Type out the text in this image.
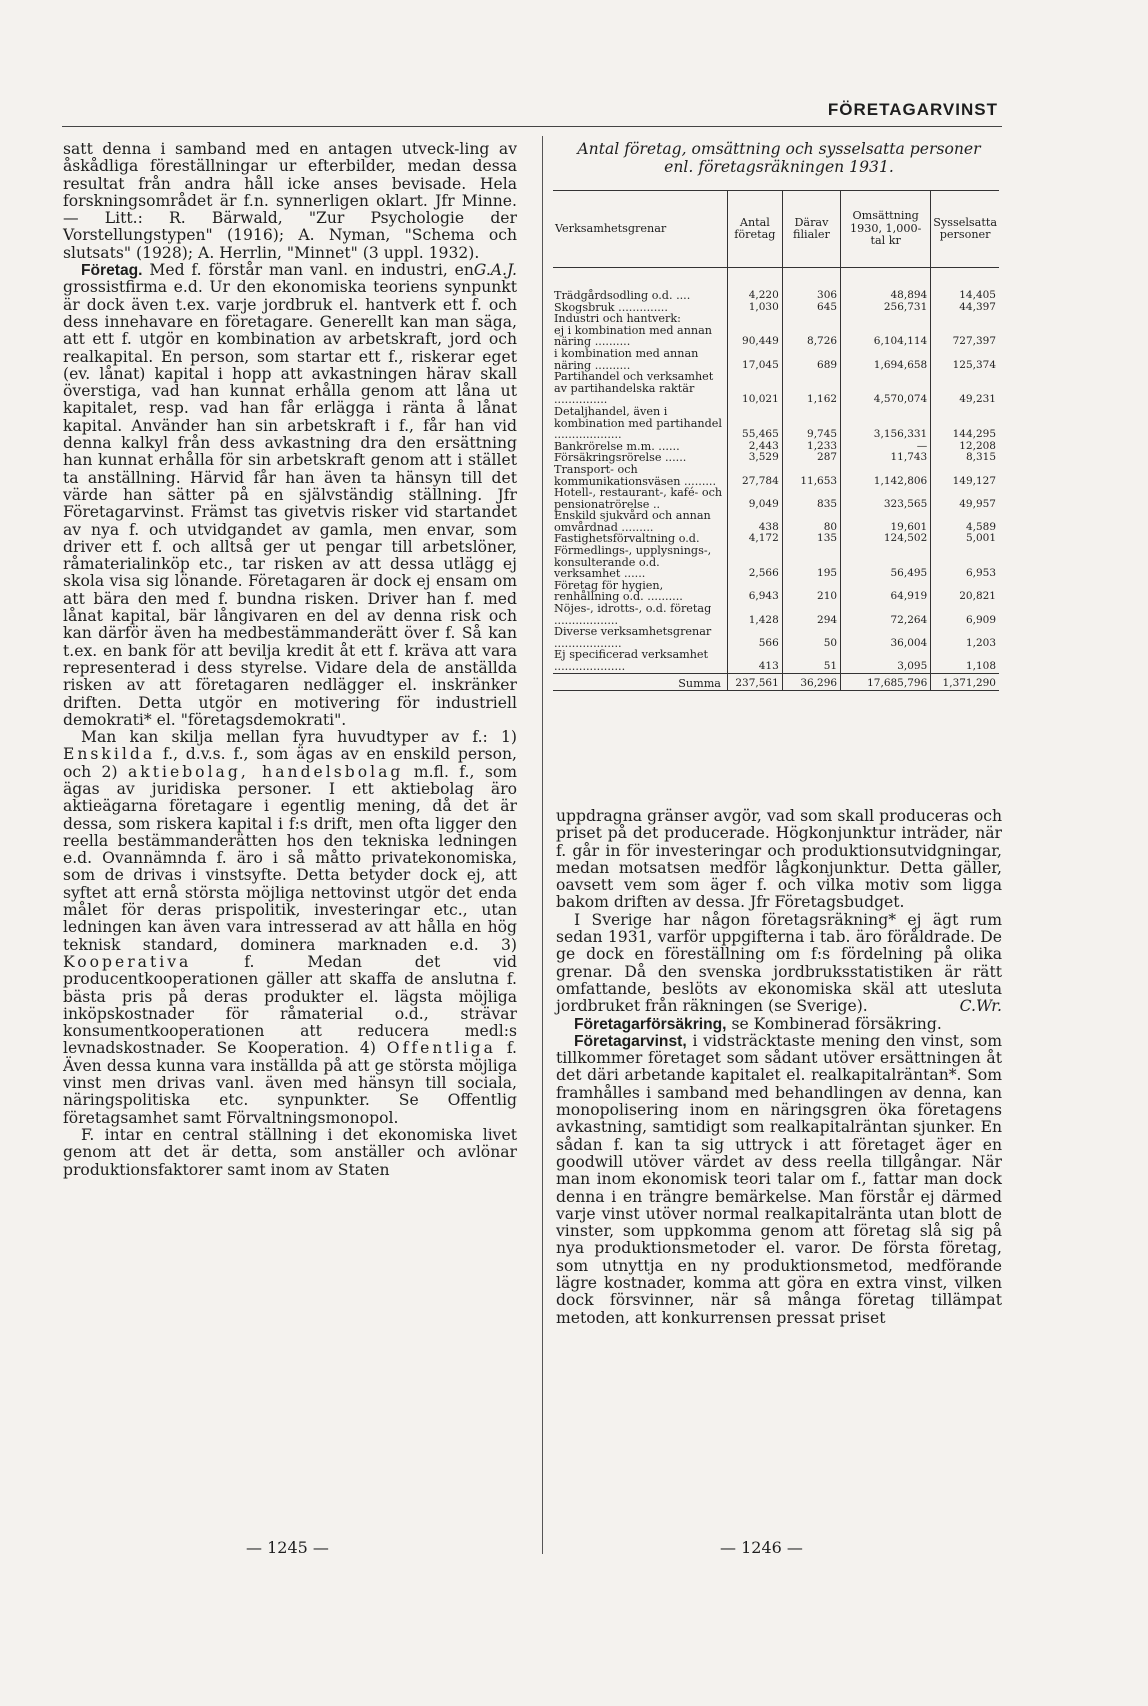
FÖRETAGARVINST

satt denna i samband med en antagen utveck-ling av åskådliga föreställningar ur efterbilder, medan dessa resultat från andra håll icke anses bevisade. Hela forskningsområdet är f.n. synnerligen oklart. Jfr Minne. — Litt.: R. Bärwald, "Zur Psychologie der Vorstellungstypen" (1916); A. Nyman, "Schema och slutsats" (1928); A. Herrlin, "Minnet" (3 uppl. 1932).
G.A.J.

Företag. Med f. förstår man vanl. en industri, en grossistfirma e.d. Ur den ekonomiska teoriens synpunkt är dock även t.ex. varje jordbruk el. hantverk ett f. och dess innehavare en företagare. Generellt kan man säga, att ett f. utgör en kombination av arbetskraft, jord och realkapital. En person, som startar ett f., riskerar eget (ev. lånat) kapital i hopp att avkastningen härav skall överstiga, vad han kunnat erhålla genom att låna ut kapitalet, resp. vad han får erlägga i ränta å lånat kapital. Använder han sin arbetskraft i f., får han vid denna kalkyl från dess avkastning dra den ersättning han kunnat erhålla för sin arbetskraft genom att i stället ta anställning. Härvid får han även ta hänsyn till det värde han sätter på en självständig ställning. Jfr Företagarvinst. Främst tas givetvis risker vid startandet av nya f. och utvidgandet av gamla, men envar, som driver ett f. och alltså ger ut pengar till arbetslöner, råmaterialinköp etc., tar risken av att dessa utlägg ej skola visa sig lönande. Företagaren är dock ej ensam om att bära den med f. bundna risken. Driver han f. med lånat kapital, bär långivaren en del av denna risk och kan därför även ha medbestämmanderätt över f. Så kan t.ex. en bank för att bevilja kredit åt ett f. kräva att vara representerad i dess styrelse. Vidare dela de anställda risken av att företagaren nedlägger el. inskränker driften. Detta utgör en motivering för industriell demokrati* el. "företagsdemokrati".

Man kan skilja mellan fyra huvudtyper av f.: 1) Enskilda f., d.v.s. f., som ägas av en enskild person, och 2) aktiebolag, handelsbolag m.fl. f., som ägas av juridiska personer. I ett aktiebolag äro aktieägarna företagare i egentlig mening, då det är dessa, som riskera kapital i f:s drift, men ofta ligger den reella bestämmanderätten hos den tekniska ledningen e.d. Ovannämnda f. äro i så måtto privatekonomiska, som de drivas i vinstsyfte. Detta betyder dock ej, att syftet att ernå största möjliga nettovinst utgör det enda målet för deras prispolitik, investeringar etc., utan ledningen kan även vara intresserad av att hålla en hög teknisk standard, dominera marknaden e.d. 3) Kooperativa f. Medan det vid producentkooperationen gäller att skaffa de anslutna f. bästa pris på deras produkter el. lägsta möjliga inköpskostnader för råmaterial o.d., strävar konsumentkooperationen att reducera medl:s levnadskostnader. Se Kooperation. 4) Offentliga f. Även dessa kunna vara inställda på att ge största möjliga vinst men drivas vanl. även med hänsyn till sociala, näringspolitiska etc. synpunkter. Se Offentlig företagsamhet samt Förvaltningsmonopol.

F. intar en central ställning i det ekonomiska livet genom att det är detta, som anställer och avlönar produktionsfaktorer samt inom av Staten

Antal företag, omsättning och sysselsatta personer
enl. företagsräkningen 1931.
Verksamhetsgrenar	Antal företag	Därav filialer	Omsättning 1930, 1,000-tal kr	Sysselsatta personer

Trädgårdsodling o.d. ....	4,220	306	48,894	14,405
Skogsbruk ..............	1,030	645	256,731	44,397
Industri och hantverk:				
ej i kombination med annan näring ..........	90,449	8,726	6,104,114	727,397
i kombination med annan näring ..........	17,045	689	1,694,658	125,374
Partihandel och verksamhet av partihandelska raktär ...............	10,021	1,162	4,570,074	49,231
Detaljhandel, även i kombination med partihandel ...................	55,465	9,745	3,156,331	144,295
Bankrörelse m.m. ......	2,443	1,233	—	12,208
Försäkringsrörelse ......	3,529	287	11,743	8,315
Transport- och kommunikationsväsen .........	27,784	11,653	1,142,806	149,127
Hotell-, restaurant-, kafé- och pensionatrörelse ..	9,049	835	323,565	49,957
Enskild sjukvård och annan omvårdnad .........	438	80	19,601	4,589
Fastighetsförvaltning o.d.	4,172	135	124,502	5,001
Förmedlings-, upplysnings-, konsulterande o.d. verksamhet ......	2,566	195	56,495	6,953
Företag för hygien, renhållning o.d. ..........	6,943	210	64,919	20,821
Nöjes-, idrotts-, o.d. företag ..................	1,428	294	72,264	6,909
Diverse verksamhetsgrenar ...................	566	50	36,004	1,203
Ej specificerad verksamhet ....................	413	51	3,095	1,108
Summa	237,561	36,296	17,685,796	1,371,290

uppdragna gränser avgör, vad som skall produceras och priset på det producerade. Högkonjunktur inträder, när f. går in för investeringar och produktionsutvidgningar, medan motsatsen medför lågkonjunktur. Detta gäller, oavsett vem som äger f. och vilka motiv som ligga bakom driften av dessa. Jfr Företagsbudget.

I Sverige har någon företagsräkning* ej ägt rum sedan 1931, varför uppgifterna i tab. äro föråldrade. De ge dock en föreställning om f:s fördelning på olika grenar. Då den svenska jordbruksstatistiken är rätt omfattande, beslöts av ekonomiska skäl att utesluta jordbruket från räkningen (se Sverige).	C.Wr.

Företagarförsäkring, se Kombinerad försäkring.

Företagarvinst, i vidsträcktaste mening den vinst, som tillkommer företaget som sådant utöver ersättningen åt det däri arbetande kapitalet el. realkapitalräntan*. Som framhålles i samband med behandlingen av denna, kan monopolisering inom en näringsgren öka företagens avkastning, samtidigt som realkapitalräntan sjunker. En sådan f. kan ta sig uttryck i att företaget äger en goodwill utöver värdet av dess reella tillgångar. När man inom ekonomisk teori talar om f., fattar man dock denna i en trängre bemärkelse. Man förstår ej därmed varje vinst utöver normal realkapitalränta utan blott de vinster, som uppkomma genom att företag slå sig på nya produktionsmetoder el. varor. De första företag, som utnyttja en ny produktionsmetod, medförande lägre kostnader, komma att göra en extra vinst, vilken dock försvinner, när så många företag tillämpat metoden, att konkurrensen pressat priset

— 1245 —	— 1246 —
